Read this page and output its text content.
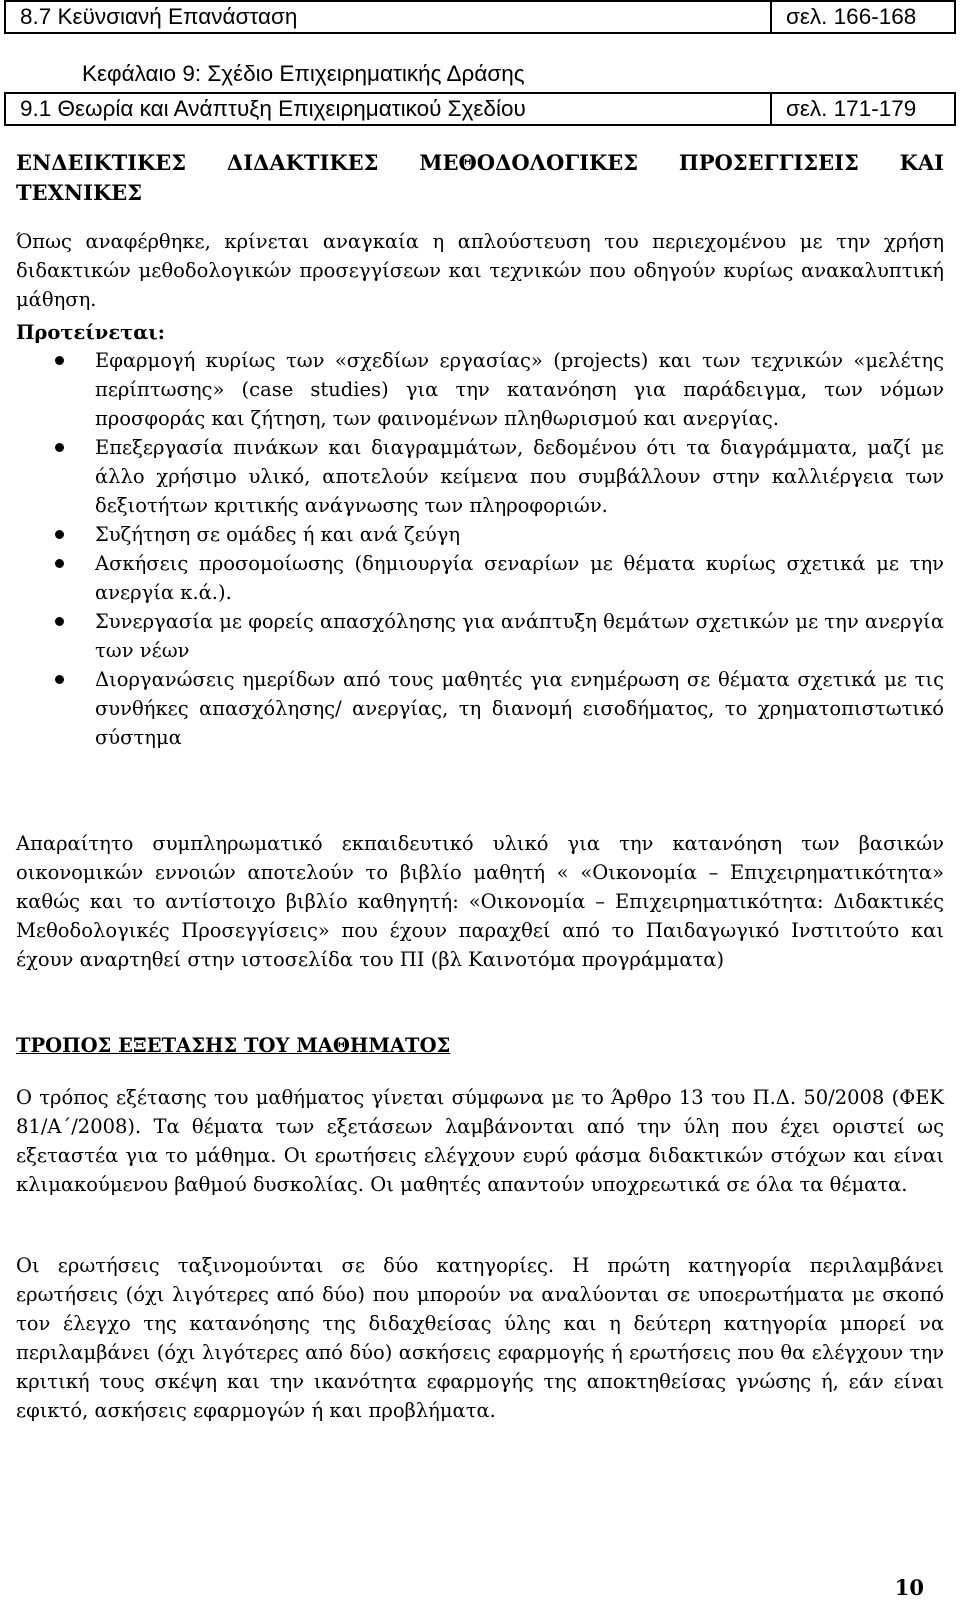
8.7 Κεϋνσιανή Επανάσταση	σελ. 166-168
Κεφάλαιο 9: Σχέδιο Επιχειρηματικής Δράσης
9.1 Θεωρία και Ανάπτυξη Επιχειρηματικού Σχεδίου	σελ. 171-179
ΕΝΔΕΙΚΤΙΚΕΣ ΔΙΔΑΚΤΙΚΕΣ ΜΕΘΟΔΟΛΟΓΙΚΕΣ ΠΡΟΣΕΓΓΙΣΕΙΣ ΚΑΙ
ΤΕΧΝΙΚΕΣ

Όπως αναφέρθηκε, κρίνεται αναγκαία η απλούστευση του περιεχομένου με την χρήση διδακτικών μεθοδολογικών προσεγγίσεων και τεχνικών που οδηγούν κυρίως ανακαλυπτική μάθηση.

Προτείνεται:
Εφαρμογή κυρίως των «σχεδίων εργασίας» (projects) και των τεχνικών «μελέτης περίπτωσης» (case studies) για την κατανόηση για παράδειγμα, των νόμων προσφοράς και ζήτηση, των φαινομένων πληθωρισμού και ανεργίας.
Επεξεργασία πινάκων και διαγραμμάτων, δεδομένου ότι τα διαγράμματα, μαζί με άλλο χρήσιμο υλικό, αποτελούν κείμενα που συμβάλλουν στην καλλιέργεια των δεξιοτήτων κριτικής ανάγνωσης των πληροφοριών.
Συζήτηση σε ομάδες ή και ανά ζεύγη
Ασκήσεις προσομοίωσης (δημιουργία σεναρίων με θέματα κυρίως σχετικά με την ανεργία κ.ά.).
Συνεργασία με φορείς απασχόλησης για ανάπτυξη θεμάτων σχετικών με την ανεργία των νέων
Διοργανώσεις ημερίδων από τους μαθητές για ενημέρωση σε θέματα σχετικά με τις συνθήκες απασχόλησης/ ανεργίας, τη διανομή εισοδήματος, το χρηματοπιστωτικό σύστημα

Απαραίτητο συμπληρωματικό εκπαιδευτικό υλικό για την κατανόηση των βασικών οικονομικών εννοιών αποτελούν το βιβλίο μαθητή « «Οικονομία – Επιχειρηματικότητα» καθώς και το αντίστοιχο βιβλίο καθηγητή: «Οικονομία – Επιχειρηματικότητα: Διδακτικές Μεθοδολογικές Προσεγγίσεις» που έχουν παραχθεί από το Παιδαγωγικό Ινστιτούτο και έχουν αναρτηθεί στην ιστοσελίδα του ΠΙ (βλ Καινοτόμα προγράμματα)

ΤΡΟΠΟΣ ΕΞΕΤΑΣΗΣ ΤΟΥ ΜΑΘΗΜΑΤΟΣ

Ο τρόπος εξέτασης του μαθήματος γίνεται σύμφωνα με το Άρθρο 13 του Π.Δ. 50/2008 (ΦΕΚ 81/Α΄/2008). Τα θέματα των εξετάσεων λαμβάνονται από την ύλη που έχει οριστεί ως εξεταστέα για το μάθημα. Οι ερωτήσεις ελέγχουν ευρύ φάσμα διδακτικών στόχων και είναι κλιμακούμενου βαθμού δυσκολίας. Οι μαθητές απαντούν υποχρεωτικά σε όλα τα θέματα.

Οι ερωτήσεις ταξινομούνται σε δύο κατηγορίες. Η πρώτη κατηγορία περιλαμβάνει ερωτήσεις (όχι λιγότερες από δύο) που μπορούν να αναλύονται σε υποερωτήματα με σκοπό τον έλεγχο της κατανόησης της διδαχθείσας ύλης και η δεύτερη κατηγορία μπορεί να περιλαμβάνει (όχι λιγότερες από δύο) ασκήσεις εφαρμογής ή ερωτήσεις που θα ελέγχουν την κριτική τους σκέψη και την ικανότητα εφαρμογής της αποκτηθείσας γνώσης ή, εάν είναι εφικτό, ασκήσεις εφαρμογών ή και προβλήματα.

10
